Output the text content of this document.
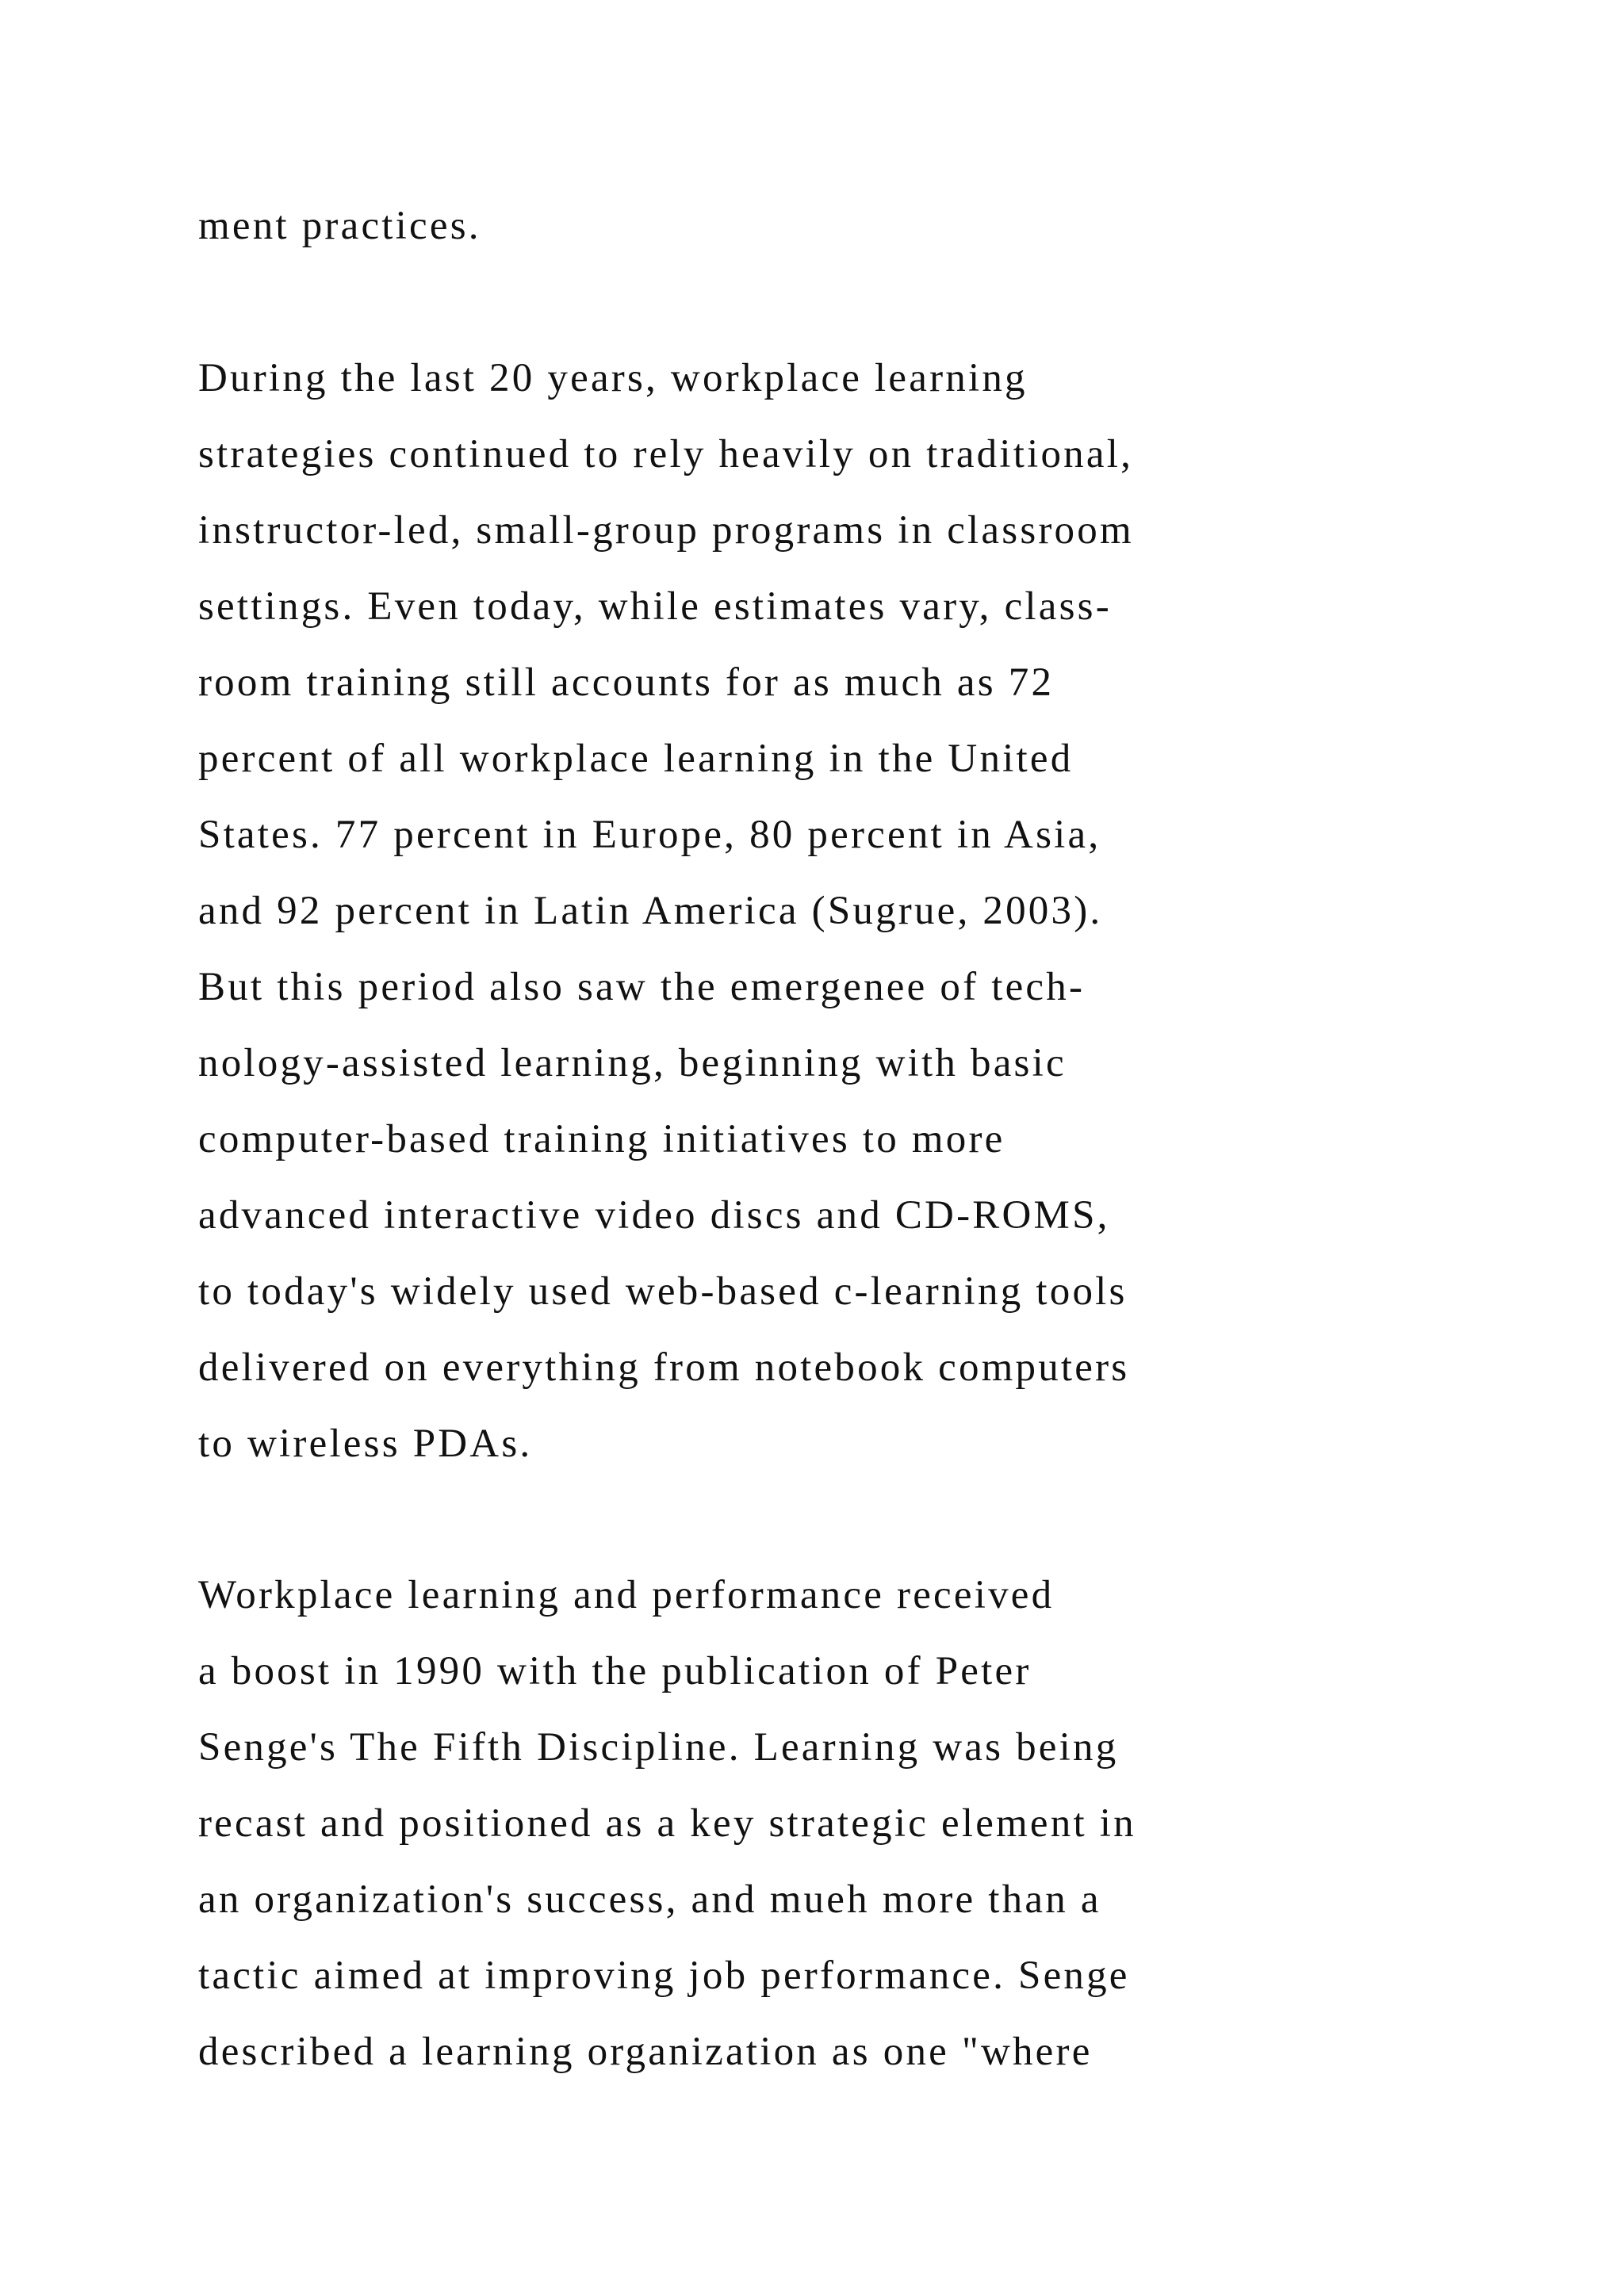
ment practices.
During the last 20 years, workplace learning
strategies continued to rely heavily on traditional,
instructor-led, small-group programs in classroom
settings. Even today, while estimates vary, class-
room training still accounts for as much as 72
percent of all workplace learning in the United
States. 77 percent in Europe, 80 percent in Asia,
and 92 percent in Latin America (Sugrue, 2003).
But this period also saw the emergenee of tech-
nology-assisted learning, beginning with basic
computer-based training initiatives to more
advanced interactive video discs and CD-ROMS,
to today's widely used web-based c-learning tools
delivered on everything from notebook computers
to wireless PDAs.
Workplace learning and performance received
a boost in 1990 with the publication of Peter
Senge's The Fifth Discipline. Learning was being
recast and positioned as a key strategic element in
an organization's success, and mueh more than a
tactic aimed at improving job performance. Senge
described a learning organization as one "where
